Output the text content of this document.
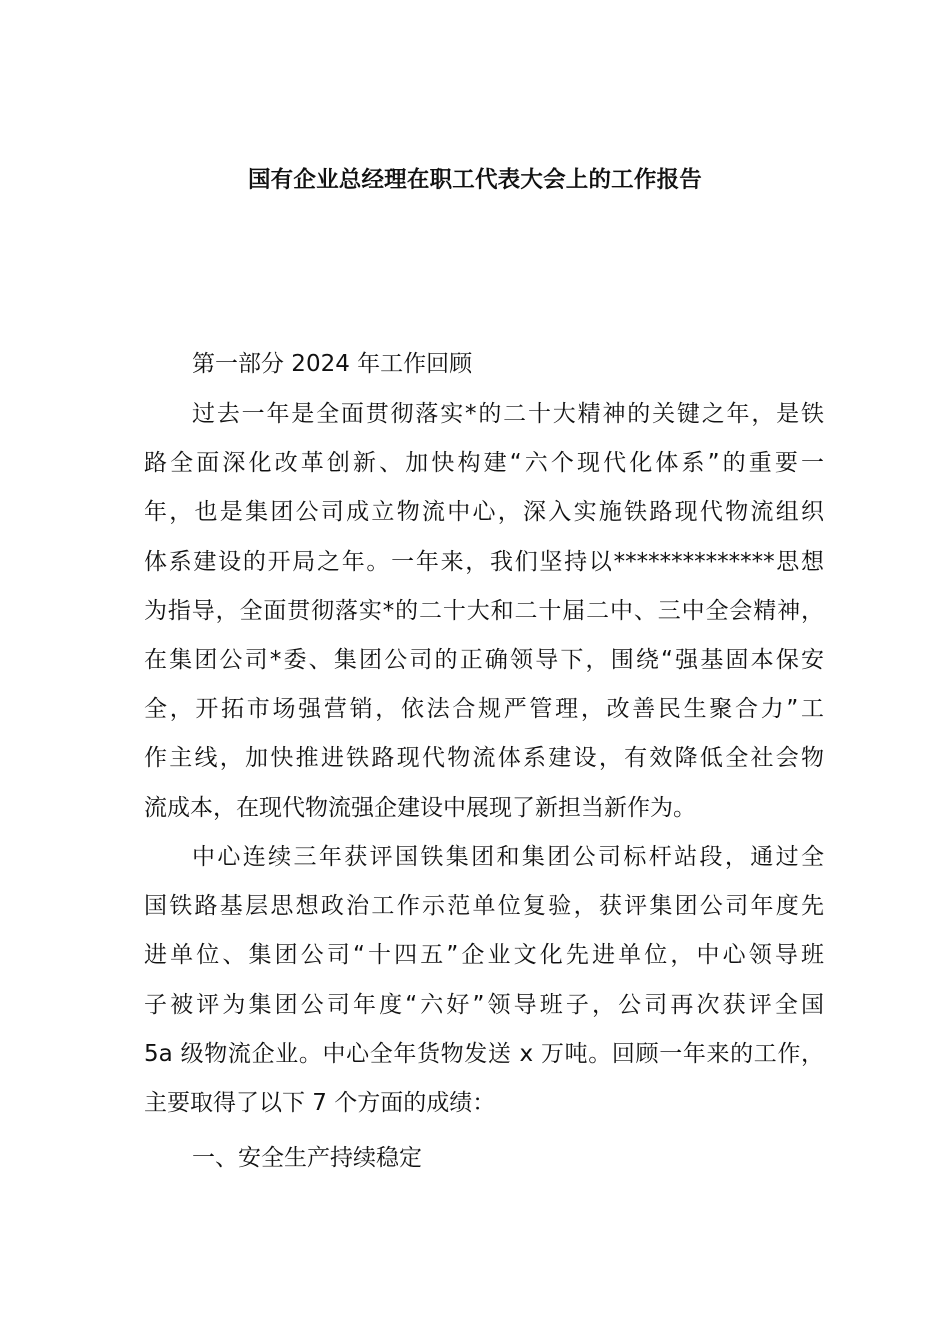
国有企业总经理在职工代表大会上的工作报告
第一部分 2024 年工作回顾
过去一年是全面贯彻落实*的二十大精神的关键之年，是铁
路全面深化改革创新、加快构建“六个现代化体系”的重要一
年，也是集团公司成立物流中心，深入实施铁路现代物流组织
体系建设的开局之年。一年来，我们坚持以**************思想
为指导，全面贯彻落实*的二十大和二十届二中、三中全会精神，
在集团公司*委、集团公司的正确领导下，围绕“强基固本保安
全，开拓市场强营销，依法合规严管理，改善民生聚合力”工
作主线，加快推进铁路现代物流体系建设，有效降低全社会物
流成本，在现代物流强企建设中展现了新担当新作为。
中心连续三年获评国铁集团和集团公司标杆站段，通过全
国铁路基层思想政治工作示范单位复验，获评集团公司年度先
进单位、集团公司“十四五”企业文化先进单位，中心领导班
子被评为集团公司年度“六好”领导班子，公司再次获评全国
5a 级物流企业。中心全年货物发送 x 万吨。回顾一年来的工作，
主要取得了以下 7 个方面的成绩：
一、安全生产持续稳定
